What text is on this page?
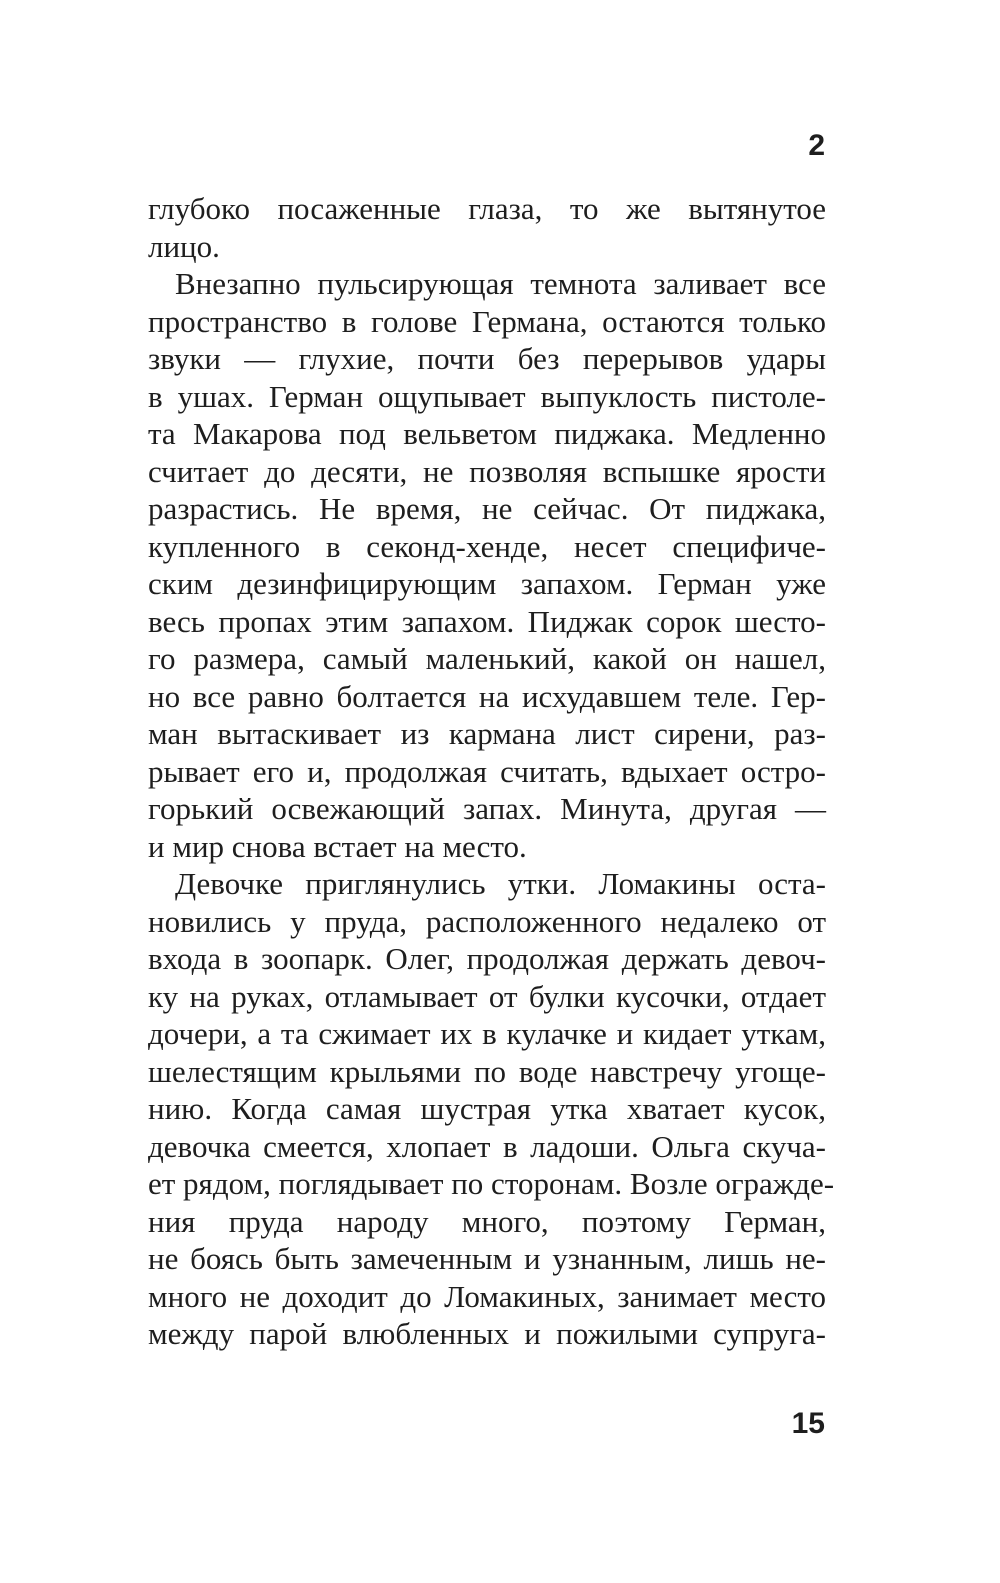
2
глубоко посаженные глаза, то же вытянутое
лицо.
Внезапно пульсирующая темнота заливает все
пространство в голове Германа, остаются только
звуки — глухие, почти без перерывов удары
в ушах. Герман ощупывает выпуклость пистоле-
та Макарова под вельветом пиджака. Медленно
считает до десяти, не позволяя вспышке ярости
разрастись. Не время, не сейчас. От пиджака,
купленного в секонд-хенде, несет специфиче-
ским дезинфицирующим запахом. Герман уже
весь пропах этим запахом. Пиджак сорок шесто-
го размера, самый маленький, какой он нашел,
но все равно болтается на исхудавшем теле. Гер-
ман вытаскивает из кармана лист сирени, раз-
рывает его и, продолжая считать, вдыхает остро-
горький освежающий запах. Минута, другая —
и мир снова встает на место.
Девочке приглянулись утки. Ломакины оста-
новились у пруда, расположенного недалеко от
входа в зоопарк. Олег, продолжая держать девоч-
ку на руках, отламывает от булки кусочки, отдает
дочери, а та сжимает их в кулачке и кидает уткам,
шелестящим крыльями по воде навстречу угоще-
нию. Когда самая шустрая утка хватает кусок,
девочка смеется, хлопает в ладоши. Ольга скуча-
ет рядом, поглядывает по сторонам. Возле огражде-
ния пруда народу много, поэтому Герман,
не боясь быть замеченным и узнанным, лишь не-
много не доходит до Ломакиных, занимает место
между парой влюбленных и пожилыми супруга-
15
